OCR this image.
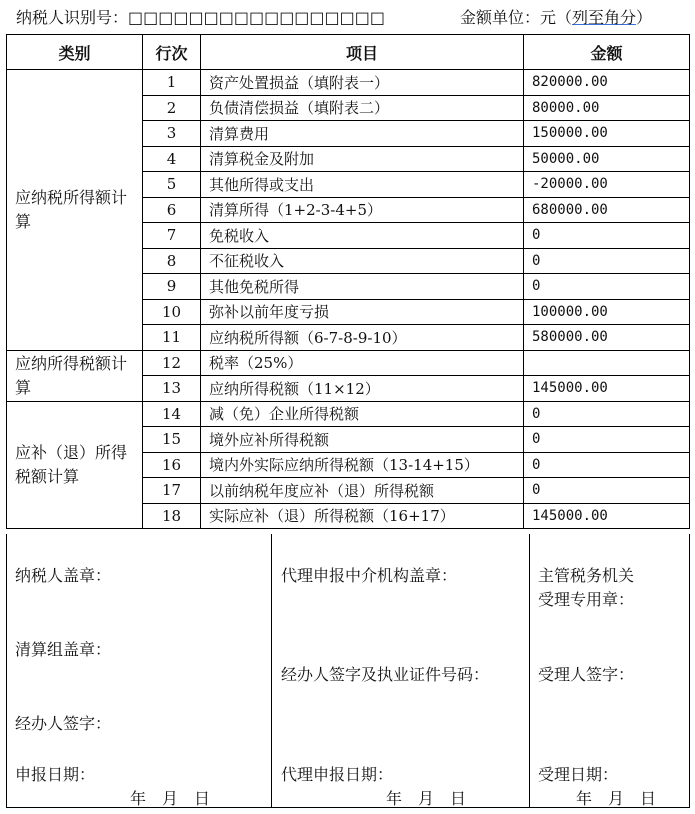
纳税人识别号：□□□□□□□□□□□□□□□□□	金额单位：元（列至角分）
类别	行次	项目	金额
应纳税所得额计算	1	资产处置损益（填附表一）	820000.00
	2	负债清偿损益（填附表二）	80000.00
	3	清算费用	150000.00
	4	清算税金及附加	50000.00
	5	其他所得或支出	-20000.00
	6	清算所得（1+2-3-4+5）	680000.00
	7	免税收入	0
	8	不征税收入	0
	9	其他免税所得	0
	10	弥补以前年度亏损	100000.00
	11	应纳税所得额（6-7-8-9-10）	580000.00
应纳所得税额计算	12	税率（25%）	
	13	应纳所得税额（11×12）	145000.00
应补（退）所得税额计算	14	减（免）企业所得税额	0
	15	境外应补所得税额	0
	16	境内外实际应纳所得税额（13-14+15）	0
	17	以前纳税年度应补（退）所得税额	0
	18	实际应补（退）所得税额（16+17）	145000.00
纳税人盖章：
清算组盖章：
经办人签字：
申报日期：
年　月　日

代理申报中介机构盖章：
经办人签字及执业证件号码：
代理申报日期：
年　月　日

主管税务机关
受理专用章：
受理人签字：
受理日期：
年　月　日
